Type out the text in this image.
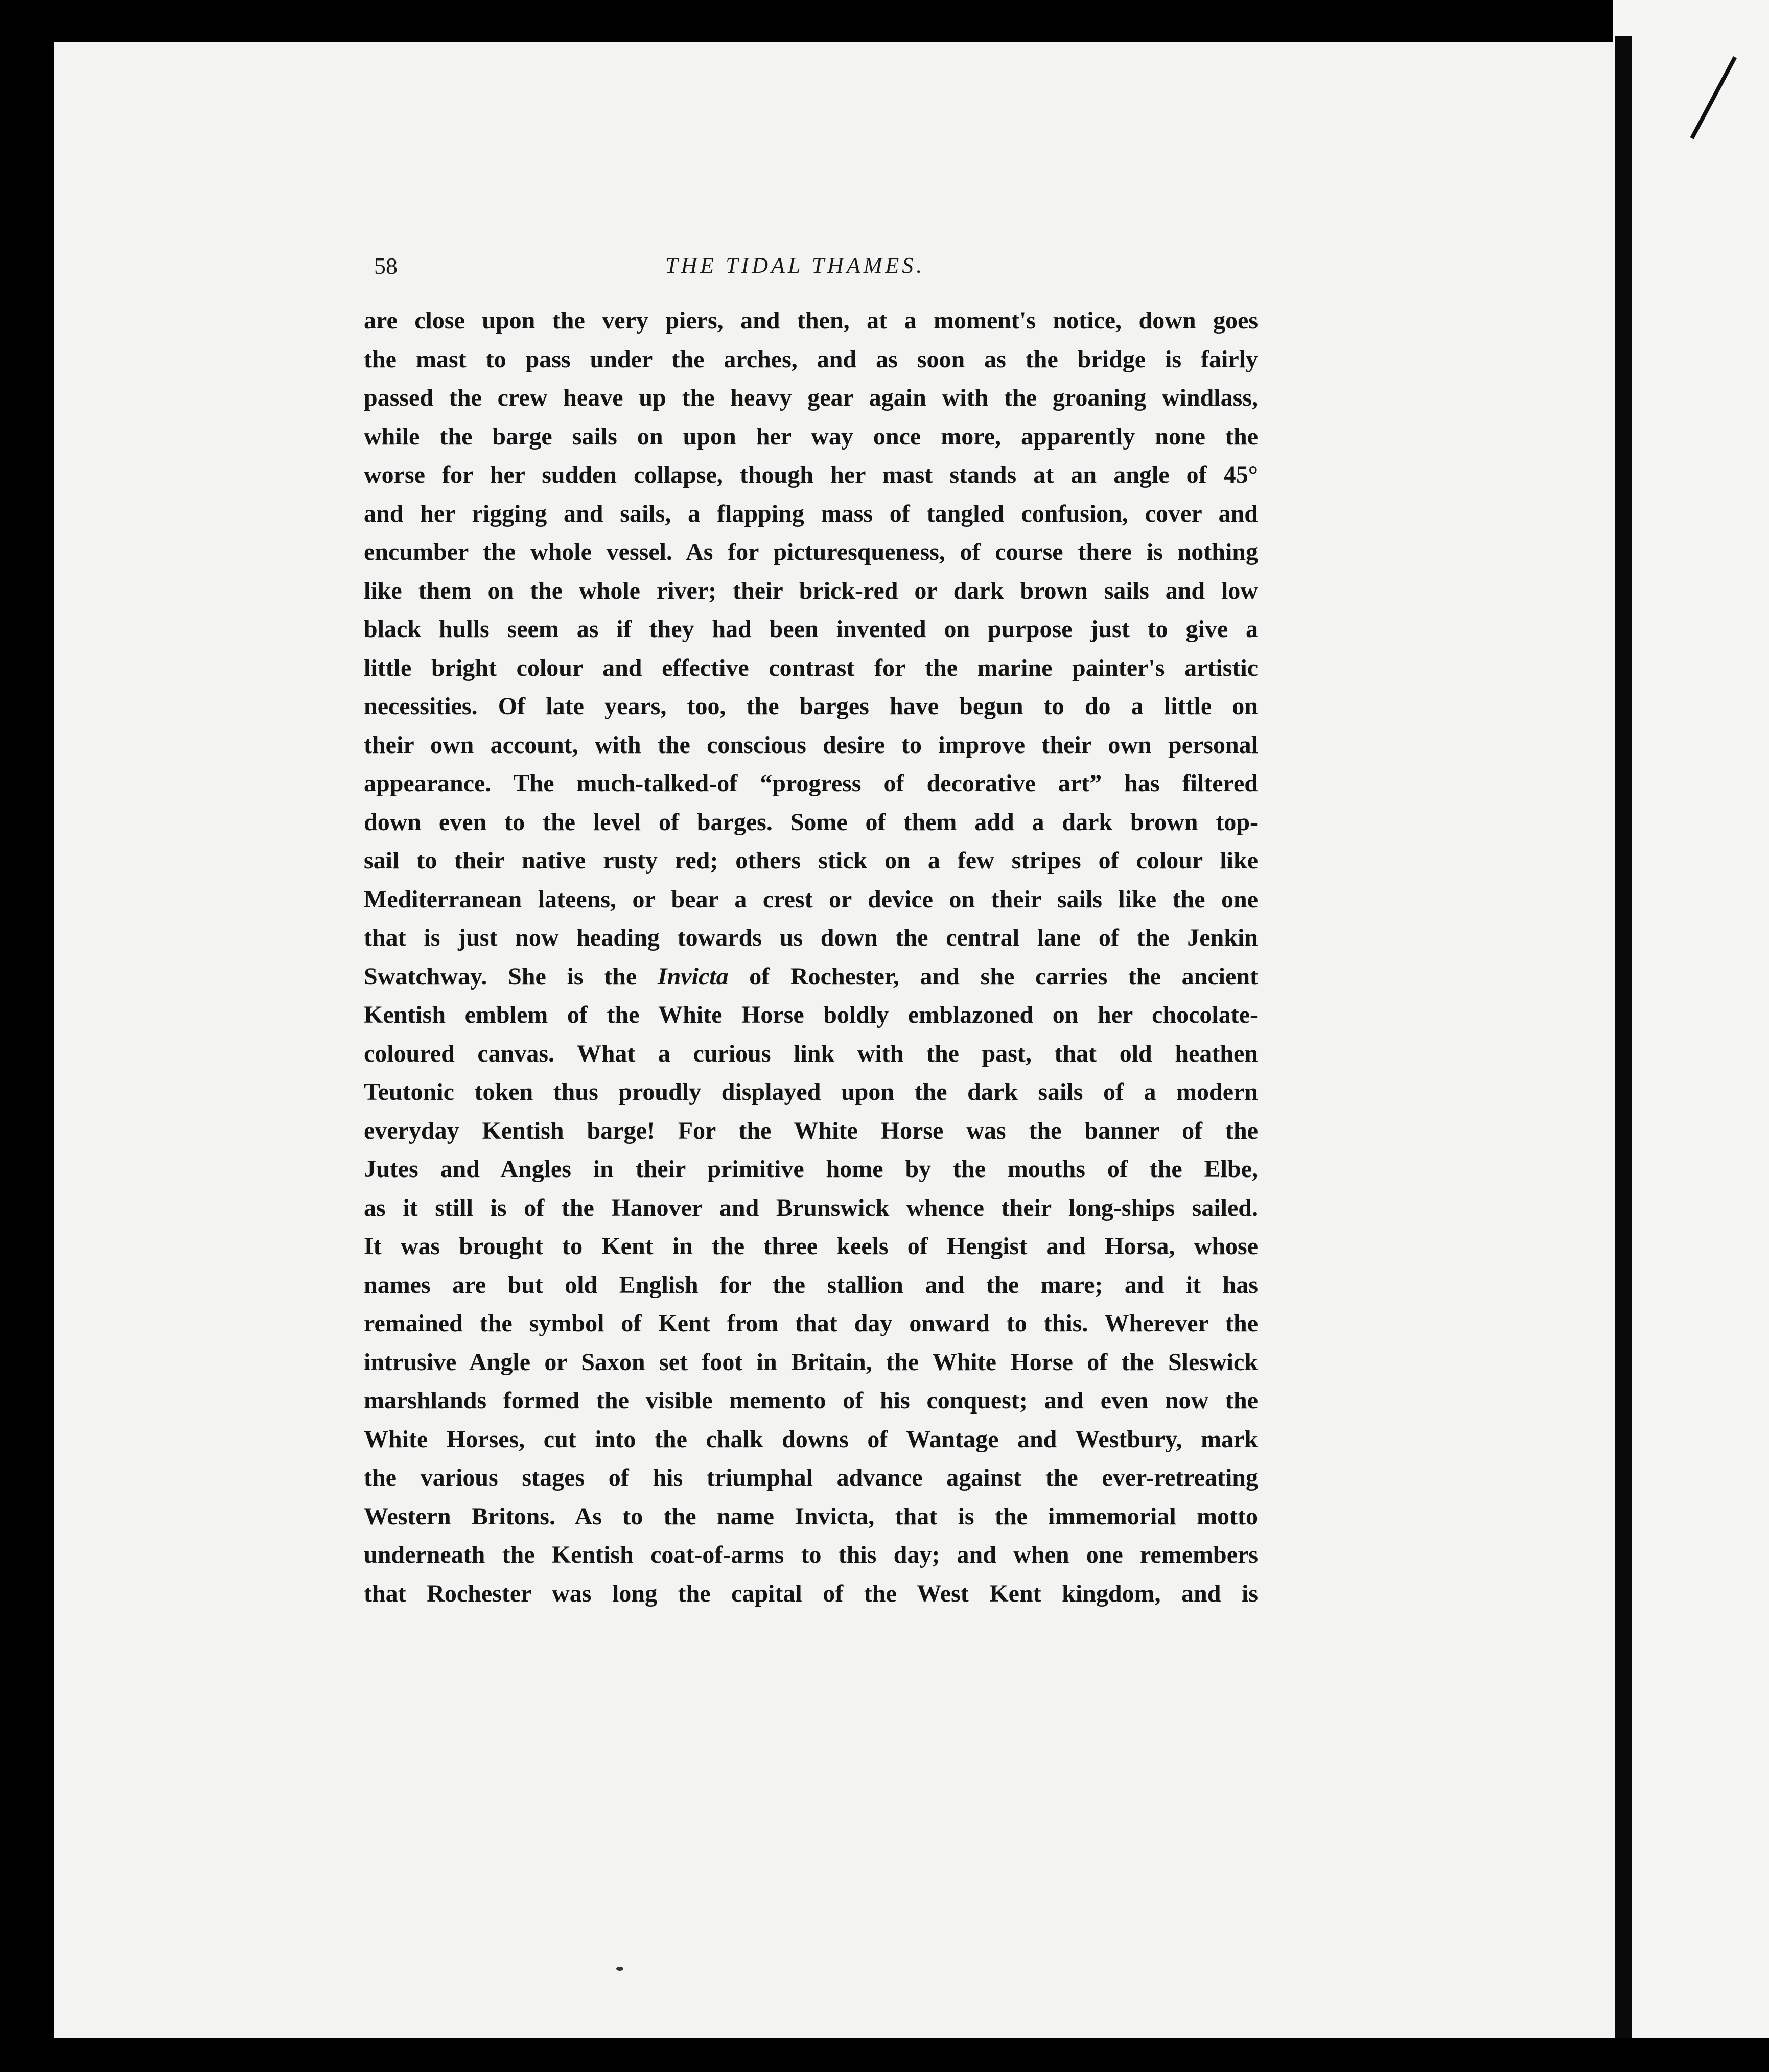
58	THE TIDAL THAMES.
are close upon the very piers, and then, at a moment's notice, down goes
the mast to pass under the arches, and as soon as the bridge is fairly
passed the crew heave up the heavy gear again with the groaning windlass,
while the barge sails on upon her way once more, apparently none the
worse for her sudden collapse, though her mast stands at an angle of 45°
and her rigging and sails, a flapping mass of tangled confusion, cover and
encumber the whole vessel. As for picturesqueness, of course there is nothing
like them on the whole river; their brick-red or dark brown sails and low
black hulls seem as if they had been invented on purpose just to give a
little bright colour and effective contrast for the marine painter's artistic
necessities. Of late years, too, the barges have begun to do a little on
their own account, with the conscious desire to improve their own personal
appearance. The much-talked-of “progress of decorative art” has filtered
down even to the level of barges. Some of them add a dark brown top-
sail to their native rusty red; others stick on a few stripes of colour like
Mediterranean lateens, or bear a crest or device on their sails like the one
that is just now heading towards us down the central lane of the Jenkin
Swatchway. She is the Invicta of Rochester, and she carries the ancient
Kentish emblem of the White Horse boldly emblazoned on her chocolate-
coloured canvas. What a curious link with the past, that old heathen
Teutonic token thus proudly displayed upon the dark sails of a modern
everyday Kentish barge! For the White Horse was the banner of the
Jutes and Angles in their primitive home by the mouths of the Elbe,
as it still is of the Hanover and Brunswick whence their long-ships sailed.
It was brought to Kent in the three keels of Hengist and Horsa, whose
names are but old English for the stallion and the mare; and it has
remained the symbol of Kent from that day onward to this. Wherever the
intrusive Angle or Saxon set foot in Britain, the White Horse of the Sleswick
marshlands formed the visible memento of his conquest; and even now the
White Horses, cut into the chalk downs of Wantage and Westbury, mark
the various stages of his triumphal advance against the ever-retreating
Western Britons. As to the name Invicta, that is the immemorial motto
underneath the Kentish coat-of-arms to this day; and when one remembers
that Rochester was long the capital of the West Kent kingdom, and is
